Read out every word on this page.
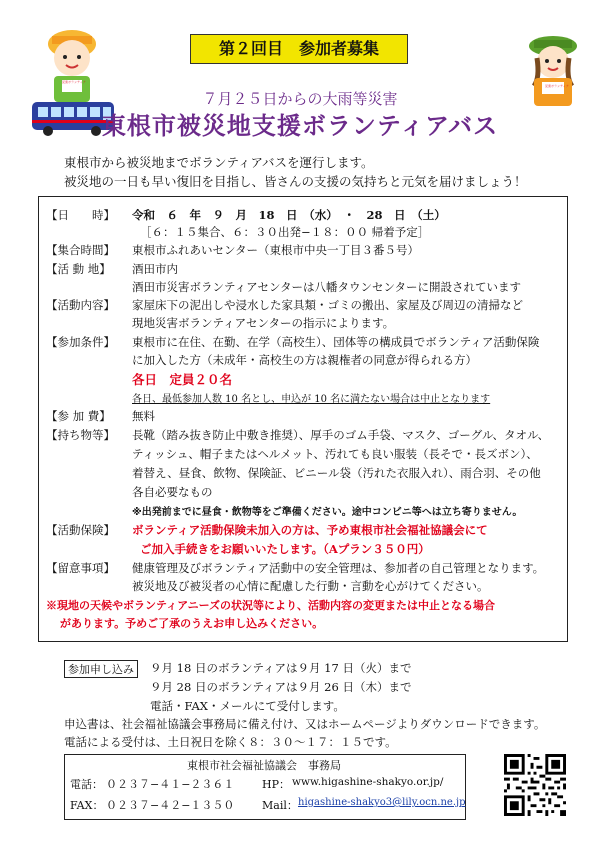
災害ボランティア
災害ボランティア
第２回目　参加者募集
７月２５日からの大雨等災害
東根市被災地支援ボランティアバス
東根市から被災地までボランティアバスを運行します。
被災地の一日も早い復旧を目指し、皆さんの支援の気持ちと元気を届けましょう！
【日　　時】 令和　６　年　９　月　18　日　（水）　・　28　日　（土）
［６：１５集合、６：３０出発−１８：００ 帰着予定］
【集合時間】 東根市ふれあいセンター（東根市中央一丁目３番５号）
【活 動 地】 酒田市内
酒田市災害ボランティアセンターは八幡タウンセンターに開設されています
【活動内容】 家屋床下の泥出しや浸水した家具類・ゴミの搬出、家屋及び周辺の清掃など
現地災害ボランティアセンターの指示によります。
【参加条件】 東根市に在住、在勤、在学（高校生）、団体等の構成員でボランティア活動保険
に加入した方（未成年・高校生の方は親権者の同意が得られる方）
各日　定員２０名
各日、最低参加人数 10 名とし、申込が 10 名に満たない場合は中止となります
【参 加 費】 無料
【持ち物等】 長靴（踏み抜き防止中敷き推奨）、厚手のゴム手袋、マスク、ゴーグル、タオル、
ティッシュ、帽子またはヘルメット、汚れても良い服装（長そで・長ズボン）、
着替え、昼食、飲物、保険証、ビニール袋（汚れた衣服入れ）、雨合羽、その他
各自必要なもの
※出発前までに昼食・飲物等をご準備ください。途中コンビニ等へは立ち寄りません。
【活動保険】 ボランティア活動保険未加入の方は、予め東根市社会福祉協議会にて
ご加入手続きをお願いいたします。（Aプラン３５０円）
【留意事項】 健康管理及びボランティア活動中の安全管理は、参加者の自己管理となります。
被災地及び被災者の心情に配慮した行動・言動を心がけてください。
※現地の天候やボランティアニーズの状況等により、活動内容の変更または中止となる場合
があります。予めご了承のうえお申し込みください。
参加申し込み	９月 18 日のボランティアは９月 17 日（火）まで
９月 28 日のボランティアは９月 26 日（木）まで
電話・FAX・メールにて受付します。
申込書は、社会福祉協議会事務局に備え付け、又はホームページよりダウンロードできます。
電話による受付は、土日祝日を除く８：３０〜１７：１５です。
東根市社会福祉協議会　事務局
電話： ０２３７−４１−２３６１	HP： www.higashine-shakyo.or.jp/
FAX： ０２３７−４２−１３５０	Mail： higashine-shakyo3@lily.ocn.ne.jp
